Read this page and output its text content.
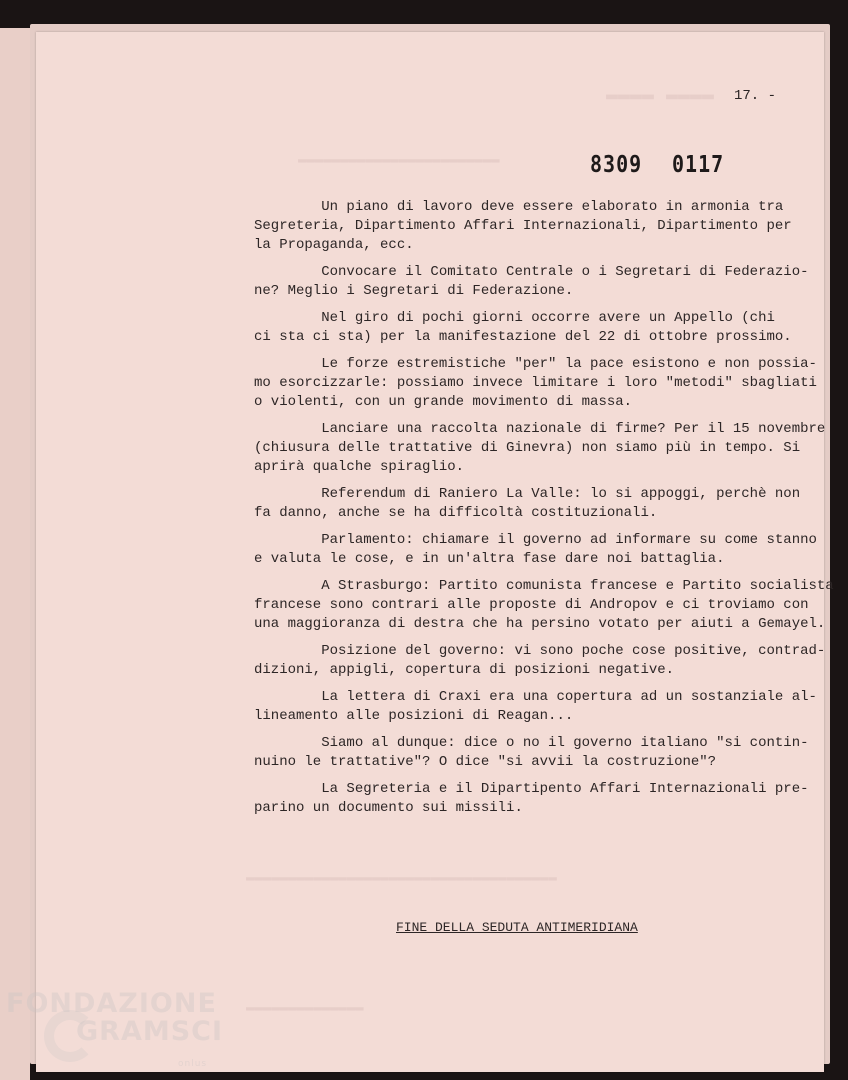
▬▬▬▬▬▬▬▬▬▬▬▬▬▬▬▬▬▬▬▬▬▬▬▬
▬▬▬▬ ▬▬▬▬
▬▬▬▬▬▬▬▬▬▬▬▬▬▬▬▬▬▬▬▬▬▬▬▬▬▬▬▬▬▬▬▬▬▬▬▬▬
▬▬▬▬▬▬▬▬▬▬▬▬▬▬
17. -
8309 0117

Un piano di lavoro deve essere elaborato in armonia tra
Segreteria, Dipartimento Affari Internazionali, Dipartimento per
la Propaganda, ecc.

Convocare il Comitato Centrale o i Segretari di Federazio-
ne? Meglio i Segretari di Federazione.

Nel giro di pochi giorni occorre avere un Appello (chi
ci sta ci sta) per la manifestazione del 22 di ottobre prossimo.

Le forze estremistiche "per" la pace esistono e non possia-
mo esorcizzarle: possiamo invece limitare i loro "metodi" sbagliati
o violenti, con un grande movimento di massa.

Lanciare una raccolta nazionale di firme? Per il 15 novembre
(chiusura delle trattative di Ginevra) non siamo più in tempo. Si
aprirà qualche spiraglio.

Referendum di Raniero La Valle: lo si appoggi, perchè non
fa danno, anche se ha difficoltà costituzionali.

Parlamento: chiamare il governo ad informare su come stanno
e valuta le cose, e in un'altra fase dare noi battaglia.

A Strasburgo: Partito comunista francese e Partito socialista
francese sono contrari alle proposte di Andropov e ci troviamo con
una maggioranza di destra che ha persino votato per aiuti a Gemayel.

Posizione del governo: vi sono poche cose positive, contrad-
dizioni, appigli, copertura di posizioni negative.

La lettera di Craxi era una copertura ad un sostanziale al-
lineamento alle posizioni di Reagan...

Siamo al dunque: dice o no il governo italiano "si contin-
nuino le trattative"? O dice "si avvii la costruzione"?

La Segreteria e il Dipartipento Affari Internazionali pre-
parino un documento sui missili.

FINE DELLA SEDUTA ANTIMERIDIANA
FONDAZIONE
GRAMSCI
onlus
